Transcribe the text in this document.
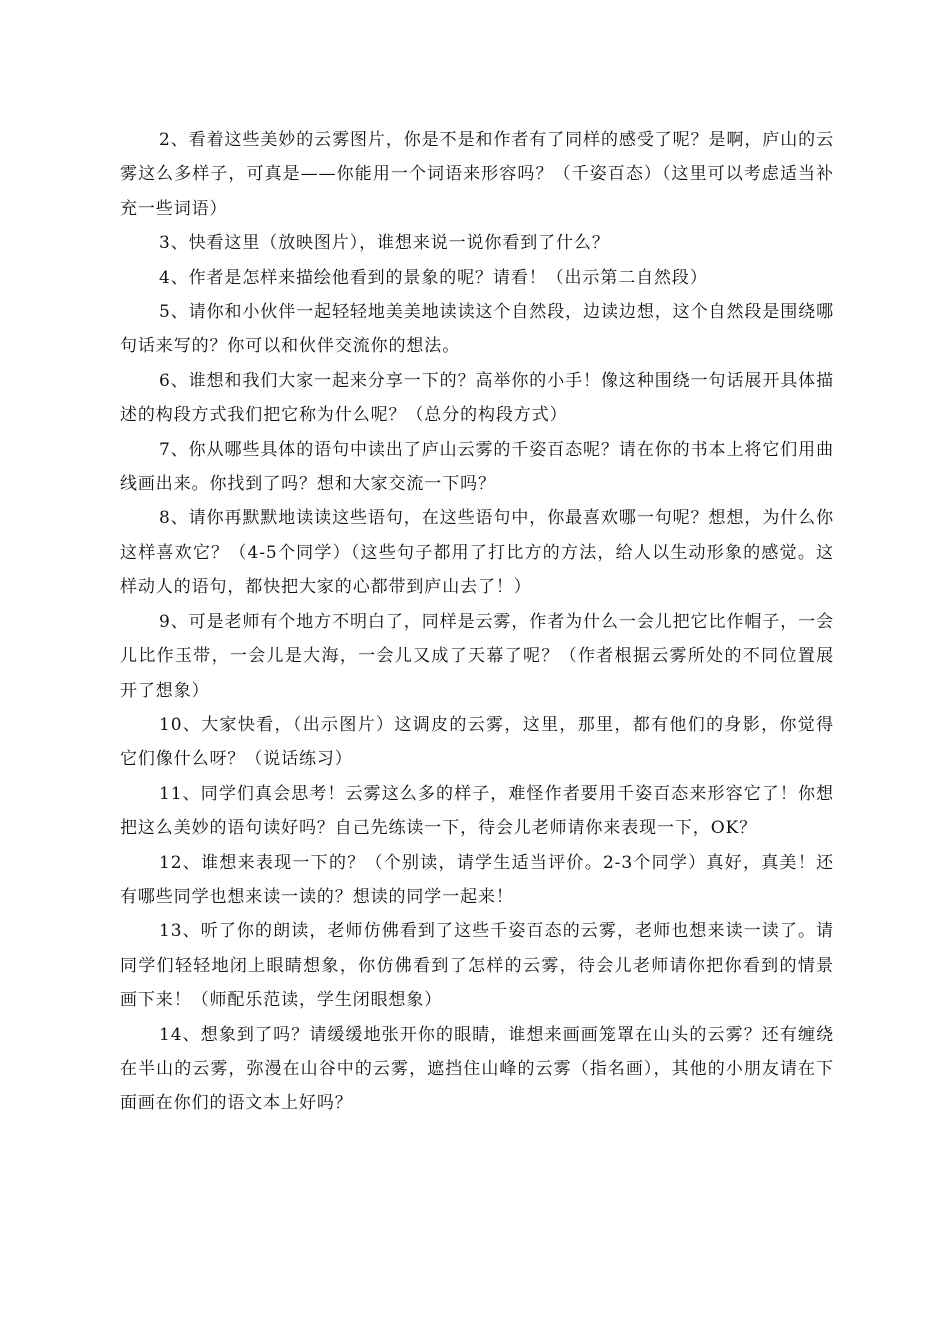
2、看着这些美妙的云雾图片，你是不是和作者有了同样的感受了呢？是啊，庐山的云雾这么多样子，可真是——你能用一个词语来形容吗？（千姿百态）（这里可以考虑适当补充一些词语）

3、快看这里（放映图片），谁想来说一说你看到了什么？

4、作者是怎样来描绘他看到的景象的呢？请看！（出示第二自然段）

5、请你和小伙伴一起轻轻地美美地读读这个自然段，边读边想，这个自然段是围绕哪句话来写的？你可以和伙伴交流你的想法。

6、谁想和我们大家一起来分享一下的？高举你的小手！像这种围绕一句话展开具体描述的构段方式我们把它称为什么呢？（总分的构段方式）

7、你从哪些具体的语句中读出了庐山云雾的千姿百态呢？请在你的书本上将它们用曲线画出来。你找到了吗？想和大家交流一下吗？

8、请你再默默地读读这些语句，在这些语句中，你最喜欢哪一句呢？想想，为什么你这样喜欢它？（4-5个同学）（这些句子都用了打比方的方法，给人以生动形象的感觉。这样动人的语句，都快把大家的心都带到庐山去了！）

9、可是老师有个地方不明白了，同样是云雾，作者为什么一会儿把它比作帽子，一会儿比作玉带，一会儿是大海，一会儿又成了天幕了呢？（作者根据云雾所处的不同位置展开了想象）

10、大家快看，（出示图片）这调皮的云雾，这里，那里，都有他们的身影，你觉得它们像什么呀？（说话练习）

11、同学们真会思考！云雾这么多的样子，难怪作者要用千姿百态来形容它了！你想把这么美妙的语句读好吗？自己先练读一下，待会儿老师请你来表现一下，OK？

12、谁想来表现一下的？（个别读，请学生适当评价。2-3个同学）真好，真美！还有哪些同学也想来读一读的？想读的同学一起来！

13、听了你的朗读，老师仿佛看到了这些千姿百态的云雾，老师也想来读一读了。请同学们轻轻地闭上眼睛想象，你仿佛看到了怎样的云雾，待会儿老师请你把你看到的情景画下来！（师配乐范读，学生闭眼想象）

14、想象到了吗？请缓缓地张开你的眼睛，谁想来画画笼罩在山头的云雾？还有缠绕在半山的云雾，弥漫在山谷中的云雾，遮挡住山峰的云雾（指名画），其他的小朋友请在下面画在你们的语文本上好吗？
